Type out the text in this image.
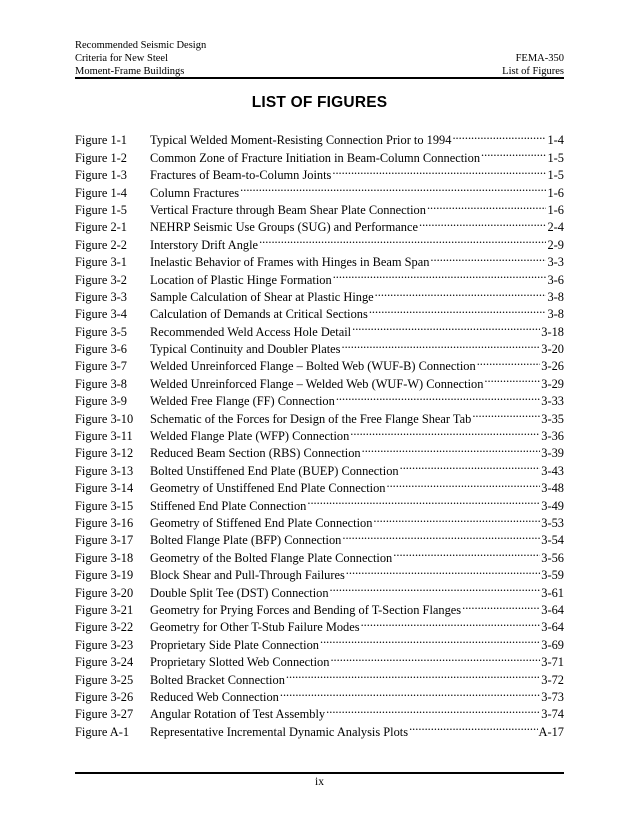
Recommended Seismic Design
Criteria for New Steel	FEMA-350
Moment-Frame Buildings	List of Figures
LIST OF FIGURES
Figure 1-1	Typical Welded Moment-Resisting Connection Prior to 1994 .....	1-4
Figure 1-2	Common Zone of Fracture Initiation in Beam-Column Connection .....	1-5
Figure 1-3	Fractures of Beam-to-Column Joints .....	1-5
Figure 1-4	Column Fractures .....	1-6
Figure 1-5	Vertical Fracture through Beam Shear Plate Connection .....	1-6
Figure 2-1	NEHRP Seismic Use Groups (SUG) and Performance .....	2-4
Figure 2-2	Interstory Drift Angle .....	2-9
Figure 3-1	Inelastic Behavior of Frames with Hinges in Beam Span .....	3-3
Figure 3-2	Location of Plastic Hinge Formation .....	3-6
Figure 3-3	Sample Calculation of Shear at Plastic Hinge .....	3-8
Figure 3-4	Calculation of Demands at Critical Sections .....	3-8
Figure 3-5	Recommended Weld Access Hole Detail .....	3-18
Figure 3-6	Typical Continuity and Doubler Plates .....	3-20
Figure 3-7	Welded Unreinforced Flange – Bolted Web (WUF-B) Connection .....	3-26
Figure 3-8	Welded Unreinforced Flange – Welded Web (WUF-W) Connection .....	3-29
Figure 3-9	Welded Free Flange (FF) Connection .....	3-33
Figure 3-10	Schematic of the Forces for Design of the Free Flange Shear Tab .....	3-35
Figure 3-11	Welded Flange Plate (WFP) Connection .....	3-36
Figure 3-12	Reduced Beam Section (RBS) Connection .....	3-39
Figure 3-13	Bolted Unstiffened End Plate (BUEP) Connection .....	3-43
Figure 3-14	Geometry of Unstiffened End Plate Connection .....	3-48
Figure 3-15	Stiffened End Plate Connection .....	3-49
Figure 3-16	Geometry of Stiffened End Plate Connection .....	3-53
Figure 3-17	Bolted Flange Plate (BFP) Connection .....	3-54
Figure 3-18	Geometry of the Bolted Flange Plate Connection .....	3-56
Figure 3-19	Block Shear and Pull-Through Failures .....	3-59
Figure 3-20	Double Split Tee (DST) Connection .....	3-61
Figure 3-21	Geometry for Prying Forces and Bending of T-Section Flanges .....	3-64
Figure 3-22	Geometry for Other T-Stub Failure Modes .....	3-64
Figure 3-23	Proprietary Side Plate Connection .....	3-69
Figure 3-24	Proprietary Slotted Web Connection .....	3-71
Figure 3-25	Bolted Bracket Connection .....	3-72
Figure 3-26	Reduced Web Connection .....	3-73
Figure 3-27	Angular Rotation of Test Assembly .....	3-74
Figure A-1	Representative Incremental Dynamic Analysis Plots .....	A-17
ix
